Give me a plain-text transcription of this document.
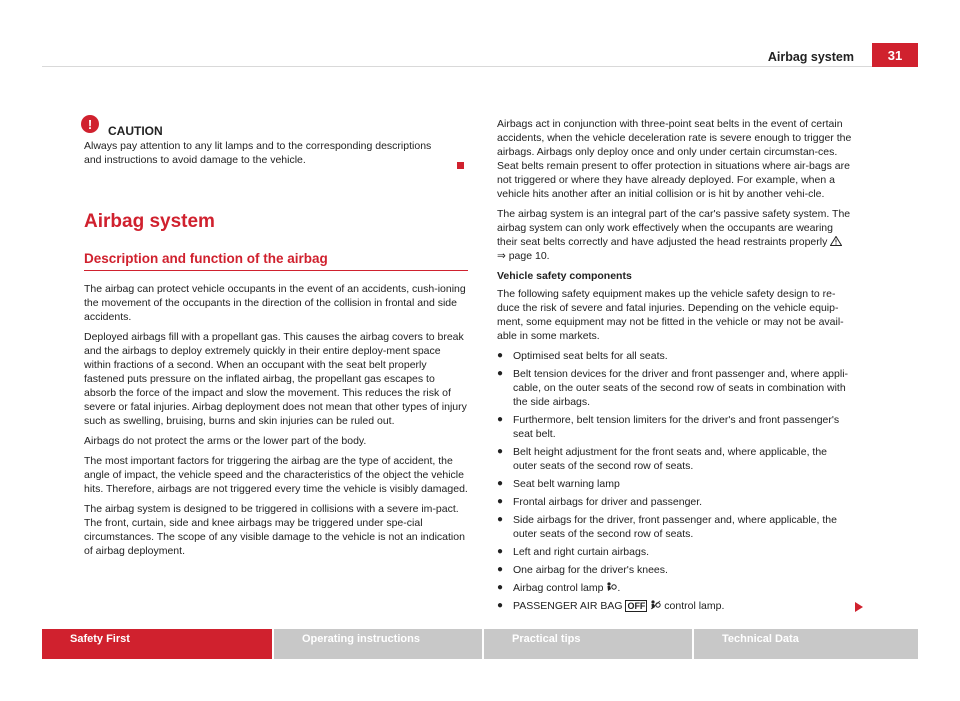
Airbag system	31
!	CAUTION
Always pay attention to any lit lamps and to the corresponding descriptions and instructions to avoid damage to the vehicle.
Airbag system
Description and function of the airbag

The airbag can protect vehicle occupants in the event of an accidents, cush-ioning the movement of the occupants in the direction of the collision in frontal and side accidents.

Deployed airbags fill with a propellant gas. This causes the airbag covers to break and the airbags to deploy extremely quickly in their entire deploy-ment space within fractions of a second. When an occupant with the seat belt properly fastened puts pressure on the inflated airbag, the propellant gas escapes to absorb the force of the impact and slow the movement. This reduces the risk of severe or fatal injuries. Airbag deployment does not mean that other types of injury such as swelling, bruising, burns and skin injuries can be ruled out.

Airbags do not protect the arms or the lower part of the body.

The most important factors for triggering the airbag are the type of accident, the angle of impact, the vehicle speed and the characteristics of the object the vehicle hits. Therefore, airbags are not triggered every time the vehicle is visibly damaged.

The airbag system is designed to be triggered in collisions with a severe im-pact. The front, curtain, side and knee airbags may be triggered under spe-cial circumstances. The scope of any visible damage to the vehicle is not an indication of airbag deployment.

Airbags act in conjunction with three-point seat belts in the event of certain accidents, when the vehicle deceleration rate is severe enough to trigger the airbags. Airbags only deploy once and only under certain circumstan-ces. Seat belts remain present to offer protection in situations where air-bags are not triggered or where they have already deployed. For example, when a vehicle hits another after an initial collision or is hit by another vehi-cle.

The airbag system is an integral part of the car's passive safety system. The airbag system can only work effectively when the occupants are wearing their seat belts correctly and have adjusted the head restraints properly
⇒ page 10.

Vehicle safety components

The following safety equipment makes up the vehicle safety design to re-duce the risk of severe and fatal injuries. Depending on the vehicle equip-ment, some equipment may not be fitted in the vehicle or may not be avail-able in some markets.

● Optimised seat belts for all seats.
● Belt tension devices for the driver and front passenger and, where appli-cable, on the outer seats of the second row of seats in combination with the side airbags.
● Furthermore, belt tension limiters for the driver's and front passenger's seat belt.
● Belt height adjustment for the front seats and, where applicable, the outer seats of the second row of seats.
● Seat belt warning lamp
● Frontal airbags for driver and passenger.
● Side airbags for the driver, front passenger and, where applicable, the outer seats of the second row of seats.
● Left and right curtain airbags.
● One airbag for the driver's knees.
● Airbag control lamp .
● PASSENGER AIR BAG OFF control lamp.
Safety First	Operating instructions	Practical tips	Technical Data
